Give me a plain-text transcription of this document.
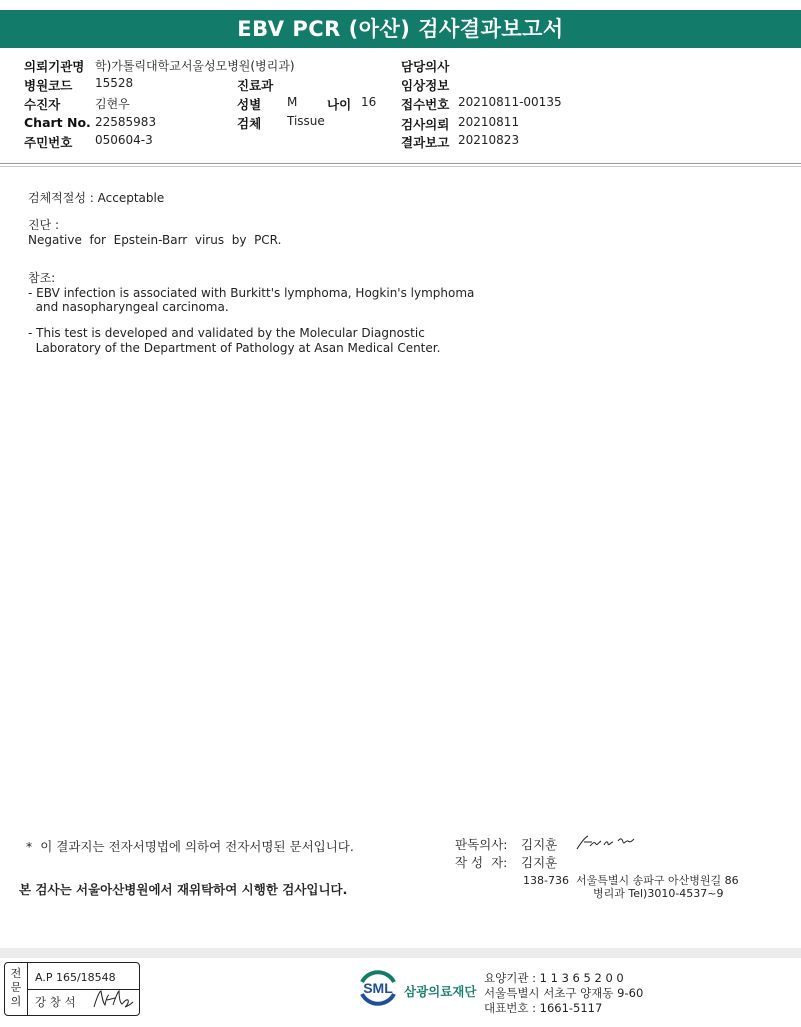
EBV PCR (아산) 검사결과보고서
의뢰기관명 학)가톨릭대학교서울성모병원(병리과)
병원코드 15528
수진자	김현우
Chart No. 22585983
주민번호 050604-3
진료과
성별 M 나이 16
검체 Tissue
담당의사
임상정보
접수번호 20210811-00135
검사의뢰 20210811
결과보고 20210823
검체적절성 : Acceptable
진단 :
Negative  for  Epstein-Barr  virus  by  PCR.
참조:
- EBV infection is associated with Burkitt's lymphoma, Hogkin's lymphoma
and nasopharyngeal carcinoma.
- This test is developed and validated by the Molecular Diagnostic
Laboratory of the Department of Pathology at Asan Medical Center.
*  이 결과지는 전자서명법에 의하여 전자서명된 문서입니다.	판독의사: 김지훈
작 성  자: 김지훈
138-736  서울특별시 송파구 아산병원길 86
병리과 Tel)3010-4537~9
본 검사는 서울아산병원에서 재위탁하여 시행한 검사입니다.
전문의
A.P 165/18548
강 창 석
SML 삼광의료재단
요양기관 : 1 1 3 6 5 2 0 0
서울특별시 서초구 양재동 9-60
대표번호 : 1661-5117
